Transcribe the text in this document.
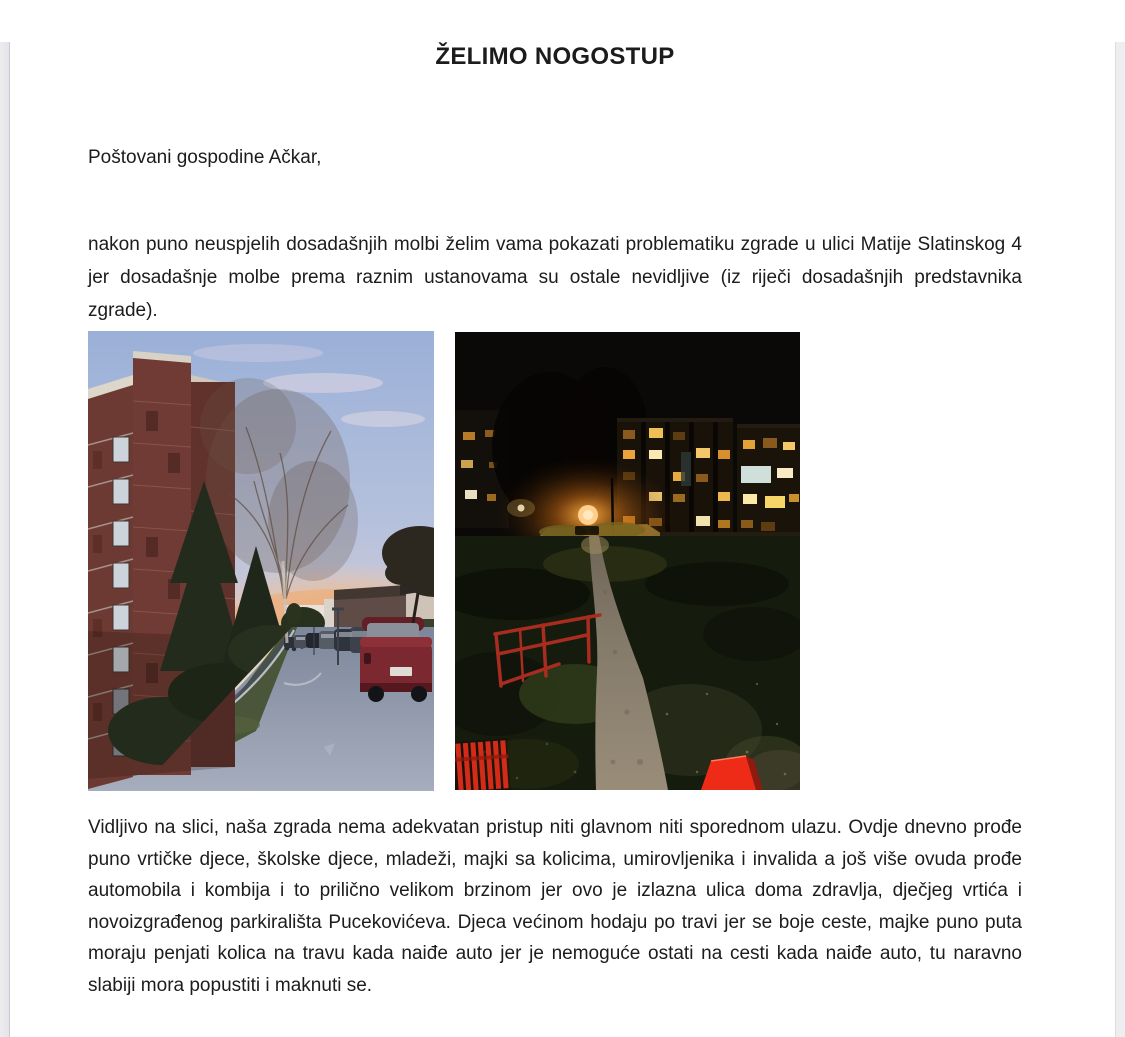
ŽELIMO NOGOSTUP

Poštovani gospodine Ačkar,

nakon puno neuspjelih dosadašnjih molbi želim vama pokazati problematiku zgrade u ulici Matije Slatinskog 4 jer dosadašnje molbe prema raznim ustanovama su ostale nevidljive (iz riječi dosadašnjih predstavnika zgrade).

Vidljivo na slici, naša zgrada nema adekvatan pristup niti glavnom niti sporednom ulazu. Ovdje dnevno prođe puno vrtičke djece, školske djece, mladeži, majki sa kolicima, umirovljenika i invalida a još više ovuda prođe automobila i kombija i to prilično velikom brzinom jer ovo je izlazna ulica doma zdravlja, dječjeg vrtića i novoizgrađenog parkirališta Pucekovićeva. Djeca većinom hodaju po travi jer se boje ceste, majke puno puta moraju penjati kolica na travu kada naiđe auto jer je nemoguće ostati na cesti kada naiđe auto, tu naravno slabiji mora popustiti i maknuti se.
